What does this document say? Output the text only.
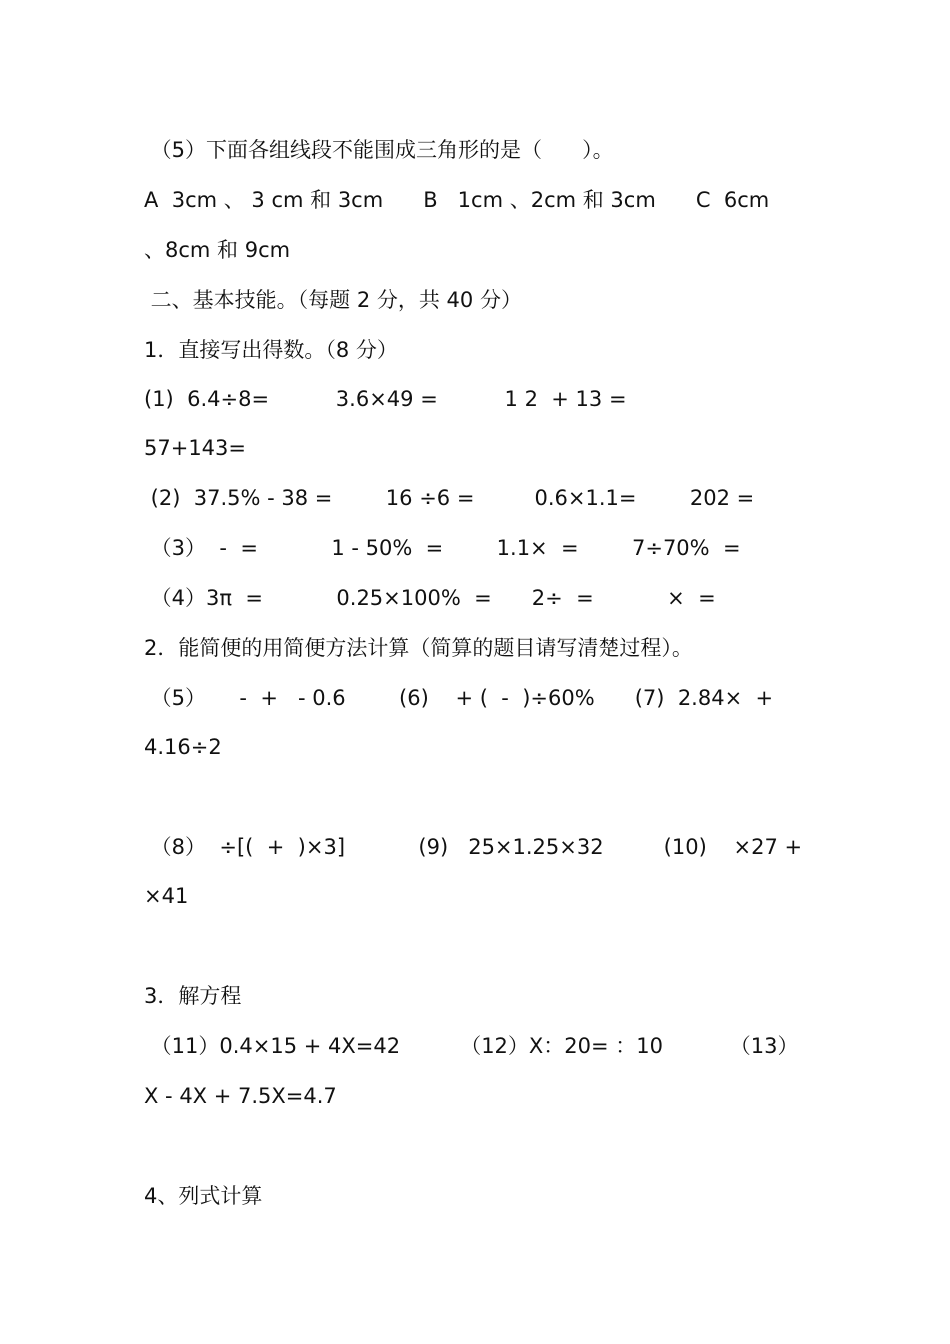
（5）下面各组线段不能围成三角形的是（      ）。
A  3cm 、 3 cm 和 3cm      B   1cm 、2cm 和 3cm      C  6cm
、8cm 和 9cm
二、基本技能。（每题 2 分，共 40 分）
1．直接写出得数。（8 分）
(1)  6.4÷8=          3.6×49 =          1 2  + 13 =
57+143=
(2)  37.5% - 38 =        16 ÷6 =         0.6×1.1=        202 =
（3）  -  =           1 - 50%  =        1.1×  =        7÷70%  =
（4）3π  =           0.25×100%  =      2÷  =           ×  =
2．能简便的用简便方法计算（简算的题目请写清楚过程）。
（5）     -  +   - 0.6        (6)    + (  -  )÷60%      (7)  2.84×  +
4.16÷2
（8）  ÷[(  +  )×3]           (9)   25×1.25×32         (10)    ×27 +
×41
3．解方程
（11）0.4×15 + 4X=42         （12）X：20= ：10          （13）
X - 4X + 7.5X=4.7
4、列式计算
